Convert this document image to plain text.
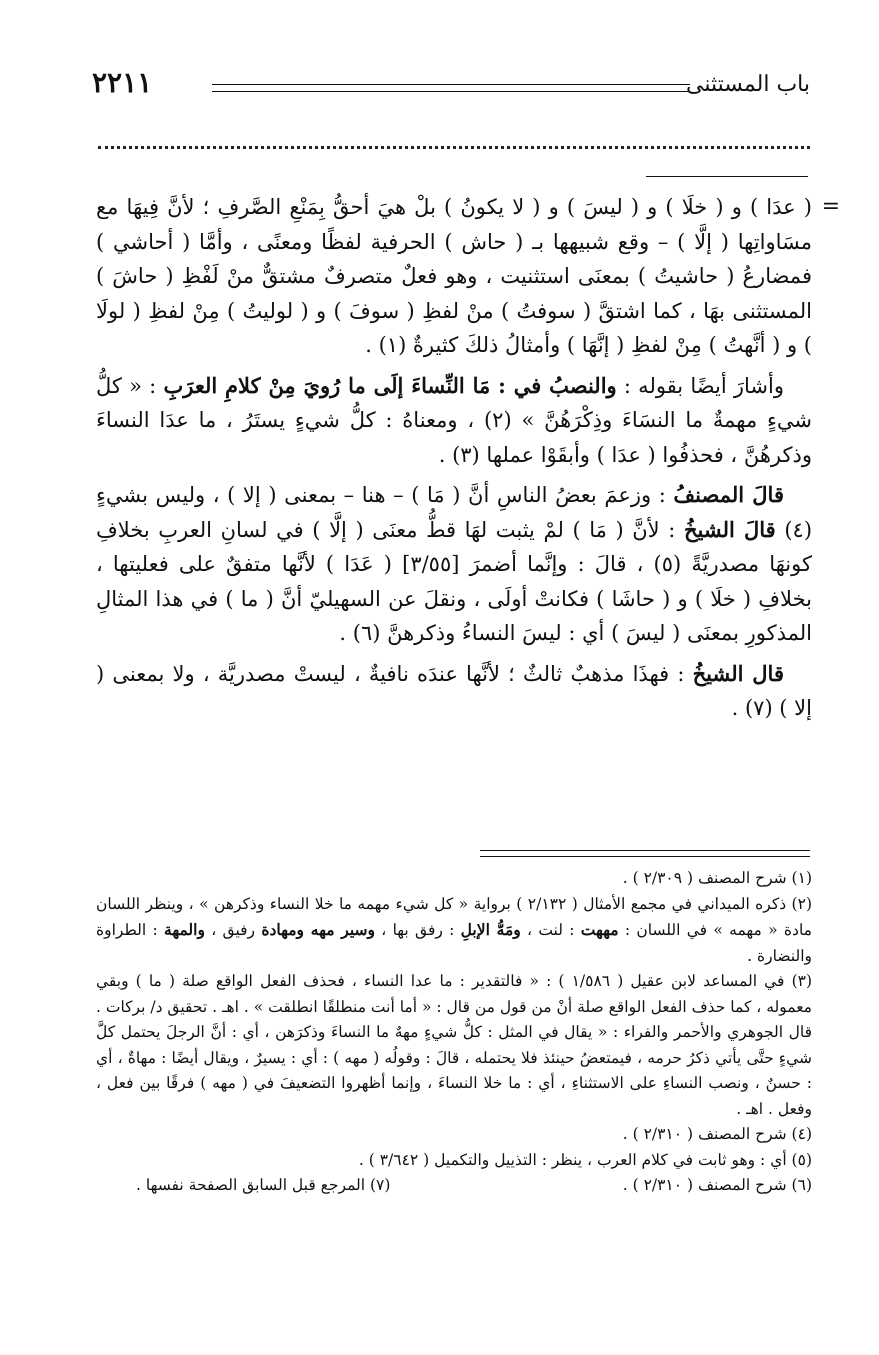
باب المستثنى
٢٢١١
=

( عدَا ) و ( خلَا ) و ( ليسَ ) و ( لا يكونُ ) بلْ هيَ أحقُّ بِمَنْعِ الصَّرفِ ؛ لأنَّ فِيهَا مع مسَاواتِها ( إلَّا ) – وقع شبيهها بـ ( حاش ) الحرفية لفظًا ومعنًى ، وأمَّا ( أحاشي ) فمضارعُ ( حاشيتُ ) بمعنَى استثنيت ، وهو فعلٌ متصرفٌ مشتقٌّ منْ لَفْظِ ( حاشَ ) المستثنى بهَا ، كما اشتقَّ ( سوفتُ ) منْ لفظِ ( سوفَ ) و ( لوليتُ ) مِنْ لفظِ ( لولَا ) و ( أنَّهتُ ) مِنْ لفظِ ( إنَّهَا ) وأمثالُ ذلكَ كثيرةٌ (١) .

وأشارَ أيضًا بقوله : والنصبُ في : مَا النِّساءَ إلَى ما رُويَ مِنْ كلامِ العرَبِ : « كلُّ شيءٍ مهمةٌ ما النسَاءَ وذِكْرَهُنَّ » (٢) ، ومعناهُ : كلُّ شيءٍ يستَرُ ، ما عدَا النساءَ وذكرهُنَّ ، فحذفُوا ( عدَا ) وأبقَوْا عملها (٣) .

قالَ المصنفُ : وزعمَ بعضُ الناسِ أنَّ ( مَا ) – هنا – بمعنى ( إلا ) ، وليس بشيءٍ (٤) قالَ الشيخُ : لأنَّ ( مَا ) لمْ يثبت لهَا قطُّ معنَى ( إلَّا ) في لسانِ العربِ بخلافِ كونهَا مصدريَّةً (٥) ، قالَ : وإنَّما أضمرَ [٣/٥٥] ( عَدَا ) لأنَّها متفقٌ على فعليتها ، بخلافِ ( خلَا ) و ( حاشَا ) فكانتْ أولَى ، ونقلَ عن السهيليّ أنَّ ( ما ) في هذا المثالِ المذكورِ بمعنَى ( ليسَ ) أي : ليسَ النساءُ وذكرهنَّ (٦) .

قال الشيخُ : فهذَا مذهبٌ ثالثٌ ؛ لأنَّها عندَه نافيةٌ ، ليستْ مصدريَّة ، ولا بمعنى ( إلا ) (٧) .

(١) شرح المصنف ( ٢/٣٠٩ ) .

(٢) ذكره الميداني في مجمع الأمثال ( ٢/١٣٢ ) برواية « كل شيء مهمه ما خلا النساء وذكرهن » ، وينظر اللسان مادة « مهمه » في اللسان : مههت : لنت ، ومَهُّ الإبلِ : رفق بها ، وسير مهه ومهادة رفيق ، والمهة : الطراوة والنضارة .

(٣) في المساعد لابن عقيل ( ١/٥٨٦ ) : « فالتقدير : ما عدا النساء ، فحذف الفعل الواقع صلة ( ما ) وبقي معموله ، كما حذف الفعل الواقع صلة أنْ من قول من قال : « أما أنت منطلقًا انطلقت » . اهـ . تحقيق د/ بركات . قال الجوهري والأحمر والفراء : « يقال في المثل : كلُّ شيءٍ مههٌ ما النساءَ وذكرَهن ، أي : أنَّ الرجلَ يحتمل كلَّ شيءٍ حتَّى يأتي ذكرُ حرمه ، فيمتعضُ حينئذ فلا يحتمله ، قالَ : وقولُه ( مهه ) : أي : يسيرٌ ، ويقال أيضًا : مهاةٌ ، أي : حسنٌ ، ونصب النساءِ على الاستثناءِ ، أي : ما خلا النساءَ ، وإنما أظهروا التضعيفَ في ( مهه ) فرقًا بين فعل ، وفعل . اهـ .

(٤) شرح المصنف ( ٢/٣١٠ ) .

(٥) أي : وهو ثابت في كلام العرب ، ينظر : التذييل والتكميل ( ٣/٦٤٢ ) .

(٦) شرح المصنف ( ٢/٣١٠ ) .
(٧) المرجع قبل السابق الصفحة نفسها .
